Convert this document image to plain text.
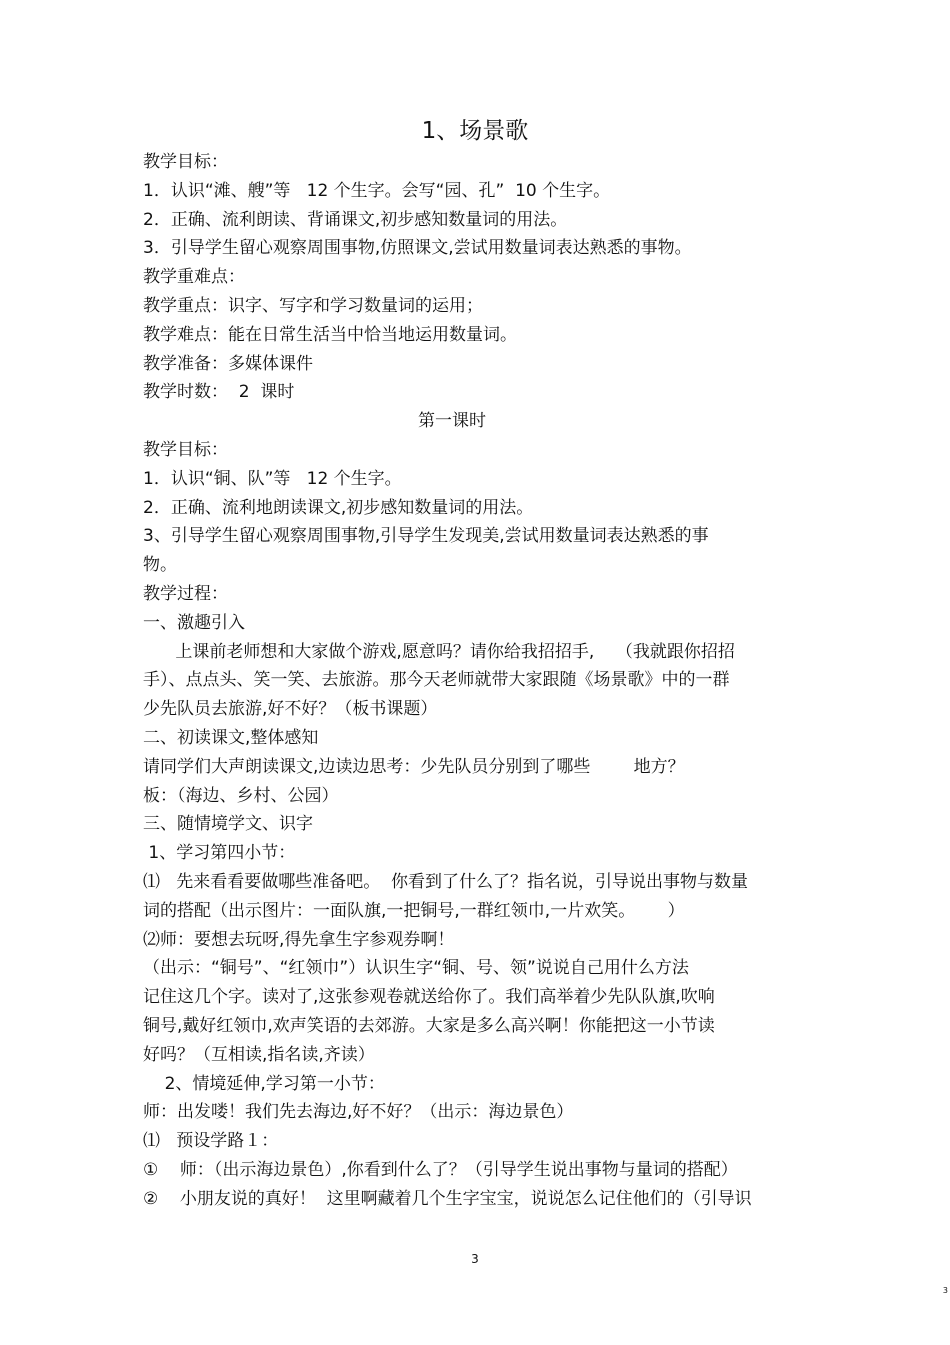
1、场景歌
教学目标：
1．认识“滩、艘”等   12 个生字。会写“园、孔”  10 个生字。
2．正确、流利朗读、背诵课文,初步感知数量词的用法。
3．引导学生留心观察周围事物,仿照课文,尝试用数量词表达熟悉的事物。
教学重难点：
教学重点：识字、写字和学习数量词的运用；
教学难点：能在日常生活当中恰当地运用数量词。
教学准备：多媒体课件
教学时数：  2  课时
第一课时
教学目标：
1．认识“铜、队”等   12 个生字。
2．正确、流利地朗读课文,初步感知数量词的用法。
3、引导学生留心观察周围事物,引导学生发现美,尝试用数量词表达熟悉的事
物。
教学过程：
一、激趣引入
上课前老师想和大家做个游戏,愿意吗？请你给我招招手,    （我就跟你招招
手）、点点头、笑一笑、去旅游。那今天老师就带大家跟随《场景歌》中的一群
少先队员去旅游,好不好？（板书课题）
二、初读课文,整体感知
请同学们大声朗读课文,边读边思考：少先队员分别到了哪些        地方？
板：（海边、乡村、公园）
三、随情境学文、识字
1、学习第四小节：
⑴   先来看看要做哪些准备吧。  你看到了什么了？指名说，引导说出事物与数量
词的搭配（出示图片：一面队旗,一把铜号,一群红领巾,一片欢笑。      ）
⑵师：要想去玩呀,得先拿生字参观券啊！
（出示：“铜号”、“红领巾”）认识生字“铜、号、领”说说自己用什么方法
记住这几个字。读对了,这张参观卷就送给你了。我们高举着少先队队旗,吹响
铜号,戴好红领巾,欢声笑语的去郊游。大家是多么高兴啊！你能把这一小节读
好吗？（互相读,指名读,齐读）
2、情境延伸,学习第一小节：
师：出发喽！我们先去海边,好不好？（出示：海边景色）
⑴   预设学路１：
①    师：（出示海边景色）,你看到什么了？（引导学生说出事物与量词的搭配）
②    小朋友说的真好！  这里啊藏着几个生字宝宝，说说怎么记住他们的（引导识
3
3
